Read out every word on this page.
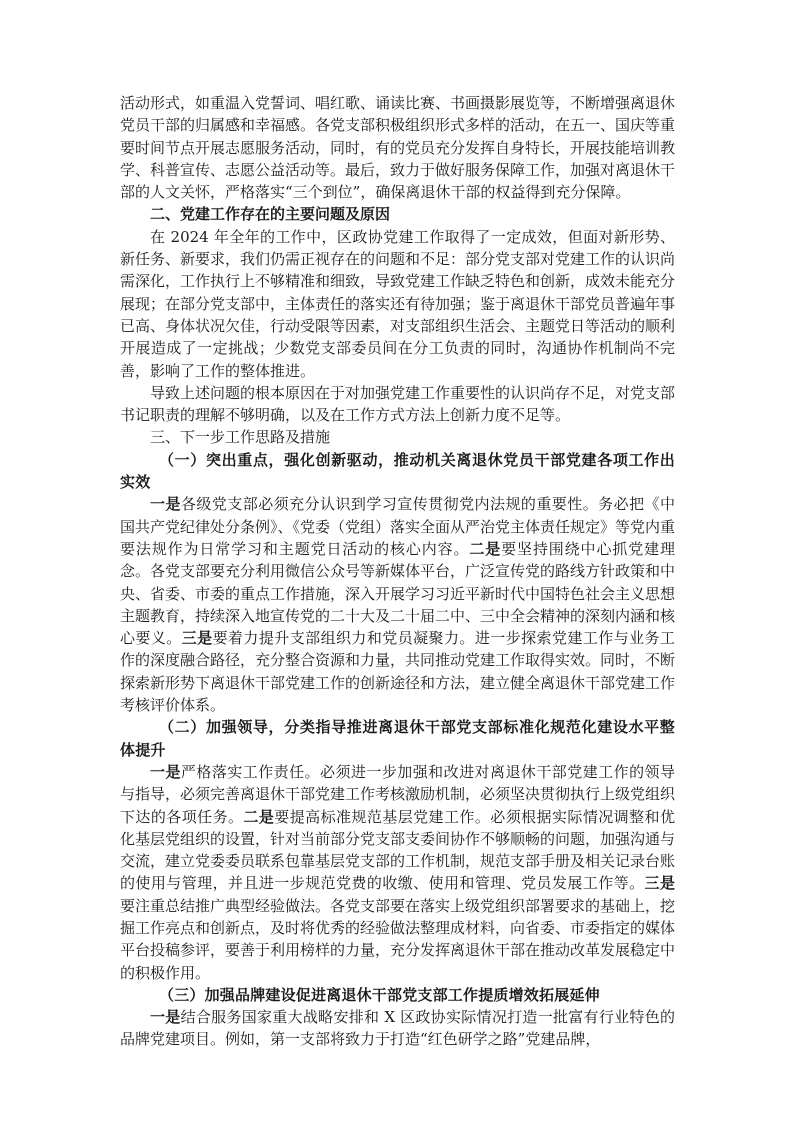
活动形式，如重温入党誓词、唱红歌、诵读比赛、书画摄影展览等，不断增强离退休党员干部的归属感和幸福感。各党支部积极组织形式多样的活动，在五一、国庆等重要时间节点开展志愿服务活动，同时，有的党员充分发挥自身特长，开展技能培训教学、科普宣传、志愿公益活动等。最后，致力于做好服务保障工作，加强对离退休干部的人文关怀，严格落实“三个到位”，确保离退休干部的权益得到充分保障。

二、党建工作存在的主要问题及原因

在 2024 年全年的工作中，区政协党建工作取得了一定成效，但面对新形势、新任务、新要求，我们仍需正视存在的问题和不足：部分党支部对党建工作的认识尚需深化，工作执行上不够精准和细致，导致党建工作缺乏特色和创新，成效未能充分展现；在部分党支部中，主体责任的落实还有待加强；鉴于离退休干部党员普遍年事已高、身体状况欠佳，行动受限等因素，对支部组织生活会、主题党日等活动的顺利开展造成了一定挑战；少数党支部委员间在分工负责的同时，沟通协作机制尚不完善，影响了工作的整体推进。

导致上述问题的根本原因在于对加强党建工作重要性的认识尚存不足，对党支部书记职责的理解不够明确，以及在工作方式方法上创新力度不足等。

三、下一步工作思路及措施

（一）突出重点，强化创新驱动，推动机关离退休党员干部党建各项工作出实效

一是各级党支部必须充分认识到学习宣传贯彻党内法规的重要性。务必把《中国共产党纪律处分条例》、《党委（党组）落实全面从严治党主体责任规定》等党内重要法规作为日常学习和主题党日活动的核心内容。二是要坚持围绕中心抓党建理念。各党支部要充分利用微信公众号等新媒体平台，广泛宣传党的路线方针政策和中央、省委、市委的重点工作措施，深入开展学习习近平新时代中国特色社会主义思想主题教育，持续深入地宣传党的二十大及二十届二中、三中全会精神的深刻内涵和核心要义。三是要着力提升支部组织力和党员凝聚力。进一步探索党建工作与业务工作的深度融合路径，充分整合资源和力量，共同推动党建工作取得实效。同时，不断探索新形势下离退休干部党建工作的创新途径和方法，建立健全离退休干部党建工作考核评价体系。

（二）加强领导，分类指导推进离退休干部党支部标准化规范化建设水平整体提升

一是严格落实工作责任。必须进一步加强和改进对离退休干部党建工作的领导与指导，必须完善离退休干部党建工作考核激励机制，必须坚决贯彻执行上级党组织下达的各项任务。二是要提高标准规范基层党建工作。必须根据实际情况调整和优化基层党组织的设置，针对当前部分党支部支委间协作不够顺畅的问题，加强沟通与交流，建立党委委员联系包靠基层党支部的工作机制，规范支部手册及相关记录台账的使用与管理，并且进一步规范党费的收缴、使用和管理、党员发展工作等。三是要注重总结推广典型经验做法。各党支部要在落实上级党组织部署要求的基础上，挖掘工作亮点和创新点，及时将优秀的经验做法整理成材料，向省委、市委指定的媒体平台投稿参评，要善于利用榜样的力量，充分发挥离退休干部在推动改革发展稳定中的积极作用。

（三）加强品牌建设促进离退休干部党支部工作提质增效拓展延伸

一是结合服务国家重大战略安排和 X 区政协实际情况打造一批富有行业特色的品牌党建项目。例如，第一支部将致力于打造“红色研学之路”党建品牌，
